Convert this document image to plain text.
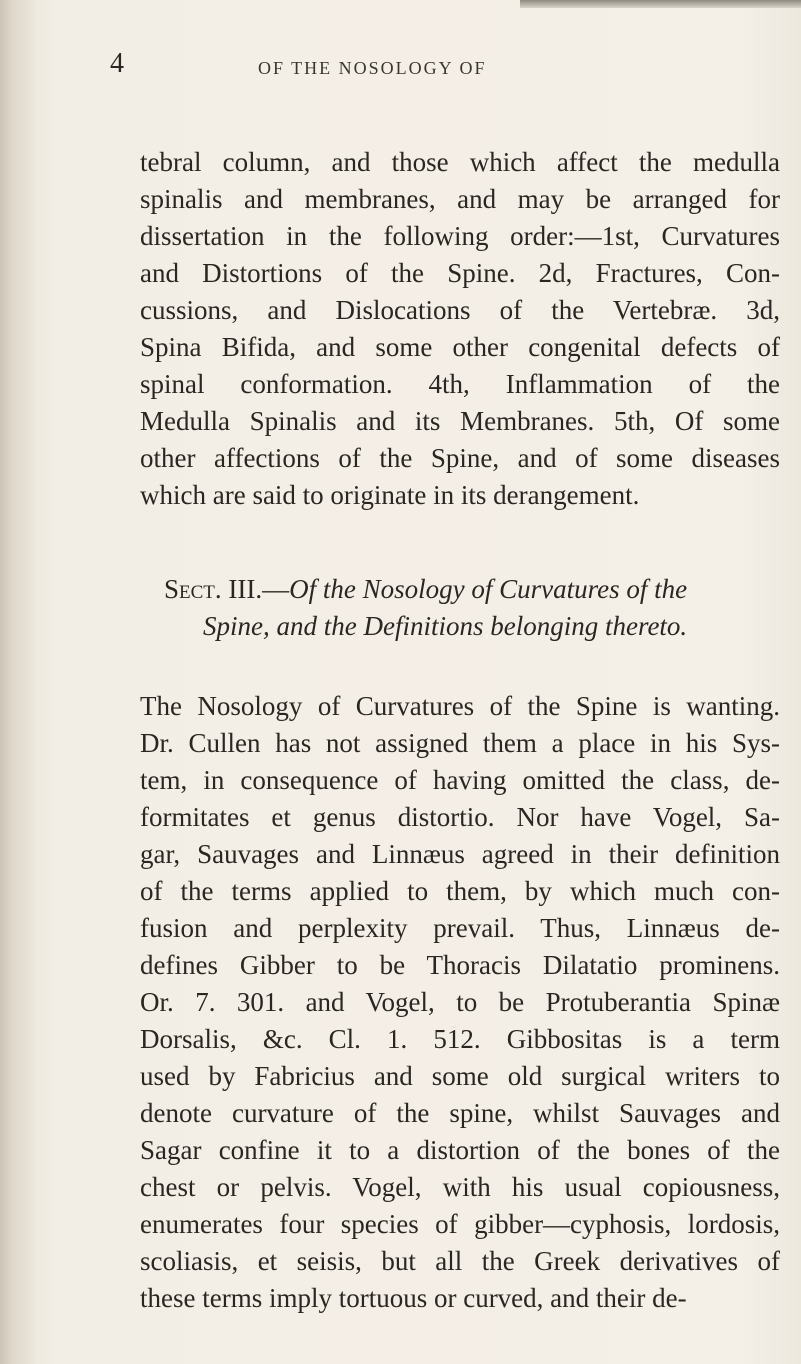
4	OF THE NOSOLOGY OF
tebral column, and those which affect the medulla
spinalis and membranes, and may be arranged for
dissertation in the following order:—1st, Curvatures
and Distortions of the Spine. 2d, Fractures, Con-
cussions, and Dislocations of the Vertebræ. 3d,
Spina Bifida, and some other congenital defects of
spinal conformation. 4th, Inflammation of the
Medulla Spinalis and its Membranes. 5th, Of some
other affections of the Spine, and of some diseases
which are said to originate in its derangement.
Sect. III.—Of the Nosology of Curvatures of the
Spine, and the Definitions belonging thereto.
The Nosology of Curvatures of the Spine is wanting.
Dr. Cullen has not assigned them a place in his Sys-
tem, in consequence of having omitted the class, de-
formitates et genus distortio. Nor have Vogel, Sa-
gar, Sauvages and Linnæus agreed in their definition
of the terms applied to them, by which much con-
fusion and perplexity prevail. Thus, Linnæus de-
defines Gibber to be Thoracis Dilatatio prominens.
Or. 7. 301. and Vogel, to be Protuberantia Spinæ
Dorsalis, &c. Cl. 1. 512. Gibbositas is a term
used by Fabricius and some old surgical writers to
denote curvature of the spine, whilst Sauvages and
Sagar confine it to a distortion of the bones of the
chest or pelvis. Vogel, with his usual copiousness,
enumerates four species of gibber—cyphosis, lordosis,
scoliasis, et seisis, but all the Greek derivatives of
these terms imply tortuous or curved, and their de-
